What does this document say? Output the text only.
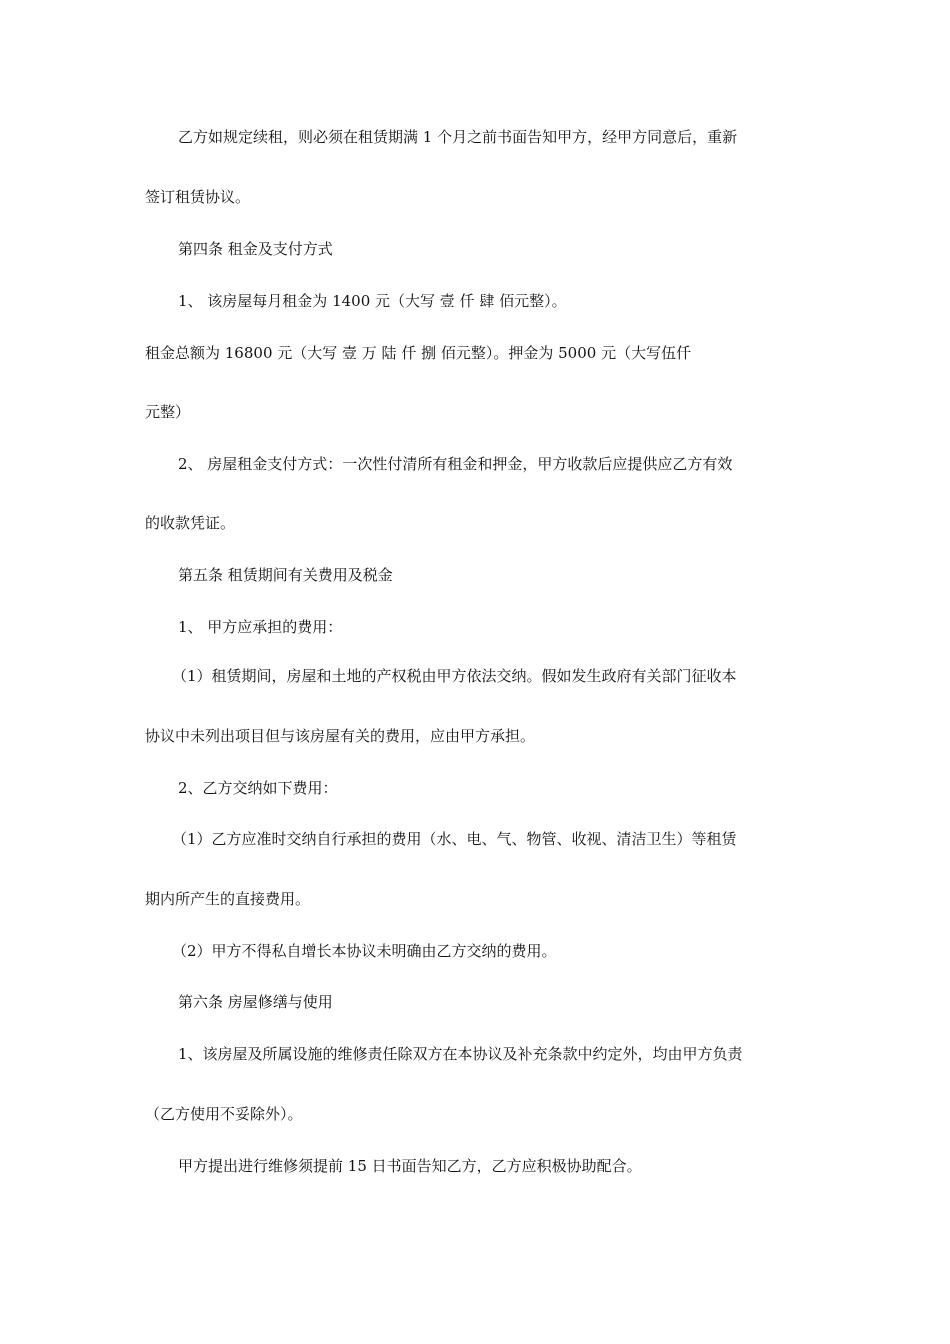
乙方如规定续租，则必须在租赁期满 1 个月之前书面告知甲方，经甲方同意后，重新
签订租赁协议。
第四条 租金及支付方式
1、 该房屋每月租金为 1400 元（大写 壹 仟 肆 佰元整）。
租金总额为 16800 元（大写 壹 万 陆 仟 捌 佰元整）。押金为 5000 元（大写伍仟
元整）
2、 房屋租金支付方式：一次性付清所有租金和押金，甲方收款后应提供应乙方有效
的收款凭证。
第五条 租赁期间有关费用及税金
1、 甲方应承担的费用：
（1）租赁期间，房屋和土地的产权税由甲方依法交纳。假如发生政府有关部门征收本
协议中未列出项目但与该房屋有关的费用，应由甲方承担。
2、乙方交纳如下费用：
（1）乙方应准时交纳自行承担的费用（水、电、气、物管、收视、清洁卫生）等租赁
期内所产生的直接费用。
（2）甲方不得私自增长本协议未明确由乙方交纳的费用。
第六条 房屋修缮与使用
1、该房屋及所属设施的维修责任除双方在本协议及补充条款中约定外，均由甲方负责
（乙方使用不妥除外）。
甲方提出进行维修须提前 15 日书面告知乙方，乙方应积极协助配合。
